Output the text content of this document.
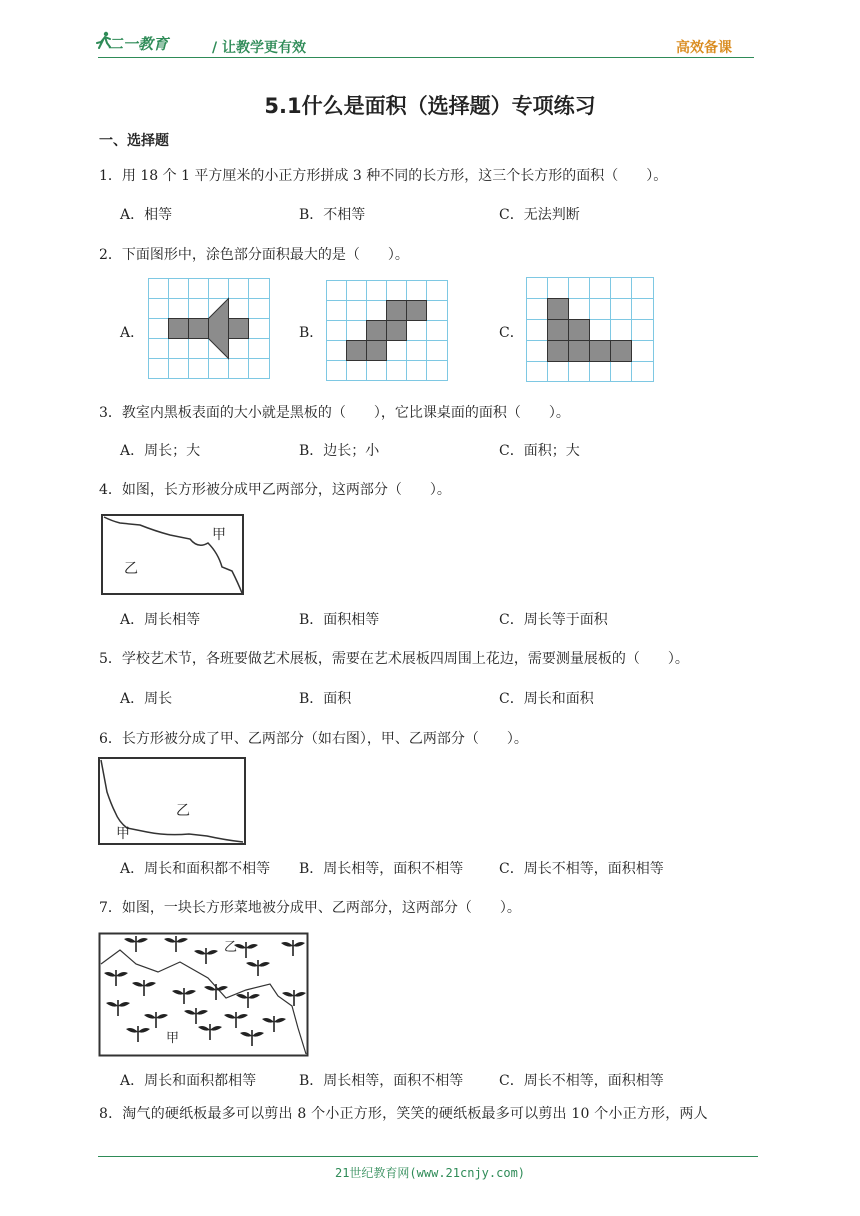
二一教育	/ 让教学更有效	高效备课
5.1什么是面积（选择题）专项练习
一、选择题
1．用 18 个 1 平方厘米的小正方形拼成 3 种不同的长方形，这三个长方形的面积（　　）。
A．相等	B．不相等	C．无法判断
2．下面图形中，涂色部分面积最大的是（　　）。
A．	B．	C．
3．教室内黑板表面的大小就是黑板的（　　），它比课桌面的面积（　　）。
A．周长；大	B．边长；小	C．面积；大
4．如图，长方形被分成甲乙两部分，这两部分（　　）。
甲
乙
A．周长相等	B．面积相等	C．周长等于面积
5．学校艺术节，各班要做艺术展板，需要在艺术展板四周围上花边，需要测量展板的（　　）。
A．周长	B．面积	C．周长和面积
6．长方形被分成了甲、乙两部分（如右图），甲、乙两部分（　　）。
乙
甲
A．周长和面积都不相等 B．周长相等，面积不相等	C．周长不相等，面积相等
7．如图，一块长方形菜地被分成甲、乙两部分，这两部分（　　）。
乙
甲
A．周长和面积都相等	B．周长相等，面积不相等	C．周长不相等，面积相等
8．淘气的硬纸板最多可以剪出 8 个小正方形，笑笑的硬纸板最多可以剪出 10 个小正方形，两人
21世纪教育网(www.21cnjy.com)
